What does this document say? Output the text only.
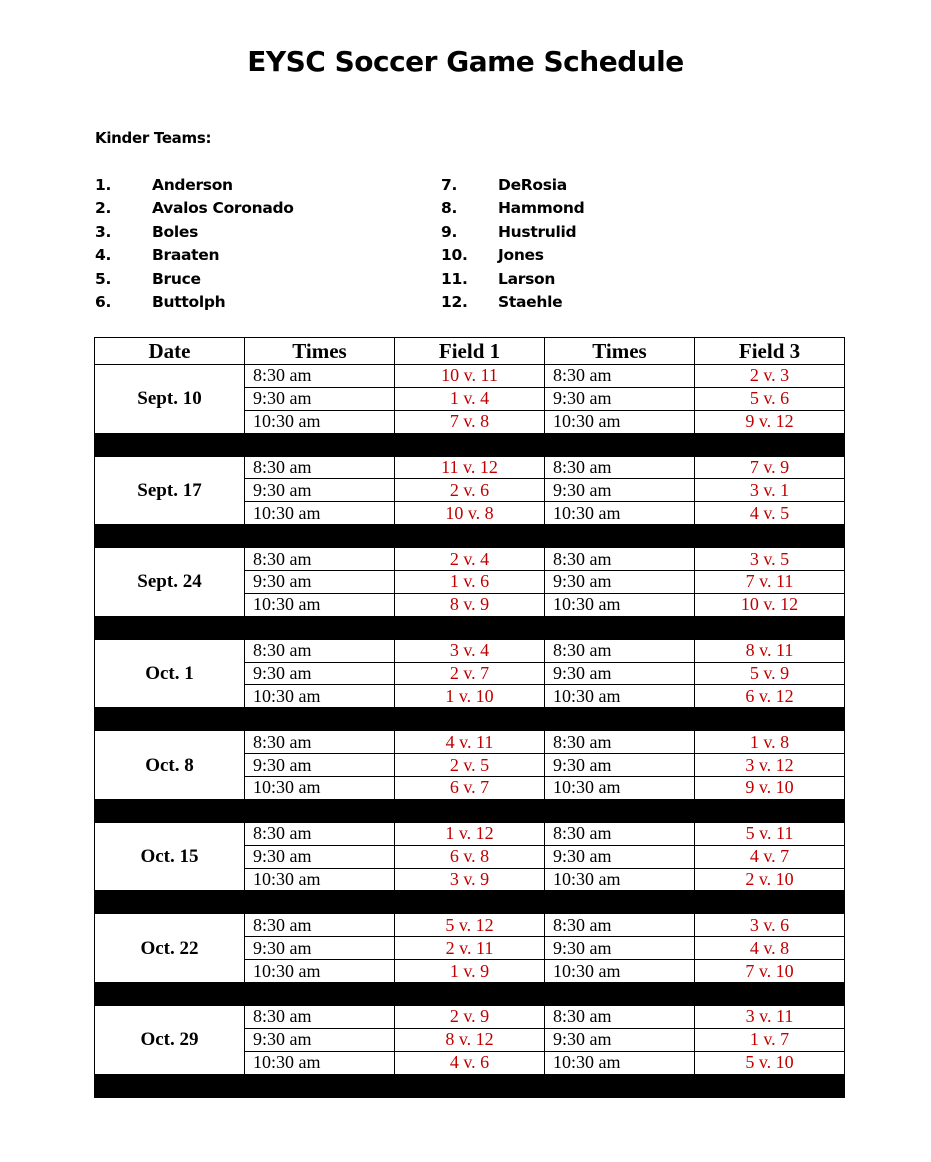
EYSC Soccer Game Schedule
Kinder Teams:
1.	Anderson
2.	Avalos Coronado
3.	Boles
4.	Braaten
5.	Bruce
6.	Buttolph
7.	DeRosia
8.	Hammond
9.	Hustrulid
10. Jones
11. Larson
12. Staehle
Date	Times	Field 1	Times	Field 3
Sept. 10	8:30 am	10 v. 11	8:30 am	2 v. 3
	9:30 am	1 v. 4	9:30 am	5 v. 6
	10:30 am	7 v. 8	10:30 am	9 v. 12

Sept. 17	8:30 am	11 v. 12	8:30 am	7 v. 9
	9:30 am	2 v. 6	9:30 am	3 v. 1
	10:30 am	10 v. 8	10:30 am	4 v. 5

Sept. 24	8:30 am	2 v. 4	8:30 am	3 v. 5
	9:30 am	1 v. 6	9:30 am	7 v. 11
	10:30 am	8 v. 9	10:30 am	10 v. 12

Oct. 1	8:30 am	3 v. 4	8:30 am	8 v. 11
	9:30 am	2 v. 7	9:30 am	5 v. 9
	10:30 am	1 v. 10	10:30 am	6 v. 12

Oct. 8	8:30 am	4 v. 11	8:30 am	1 v. 8
	9:30 am	2 v. 5	9:30 am	3 v. 12
	10:30 am	6 v. 7	10:30 am	9 v. 10

Oct. 15	8:30 am	1 v. 12	8:30 am	5 v. 11
	9:30 am	6 v. 8	9:30 am	4 v. 7
	10:30 am	3 v. 9	10:30 am	2 v. 10

Oct. 22	8:30 am	5 v. 12	8:30 am	3 v. 6
	9:30 am	2 v. 11	9:30 am	4 v. 8
	10:30 am	1 v. 9	10:30 am	7 v. 10

Oct. 29	8:30 am	2 v. 9	8:30 am	3 v. 11
	9:30 am	8 v. 12	9:30 am	1 v. 7
	10:30 am	4 v. 6	10:30 am	5 v. 10
